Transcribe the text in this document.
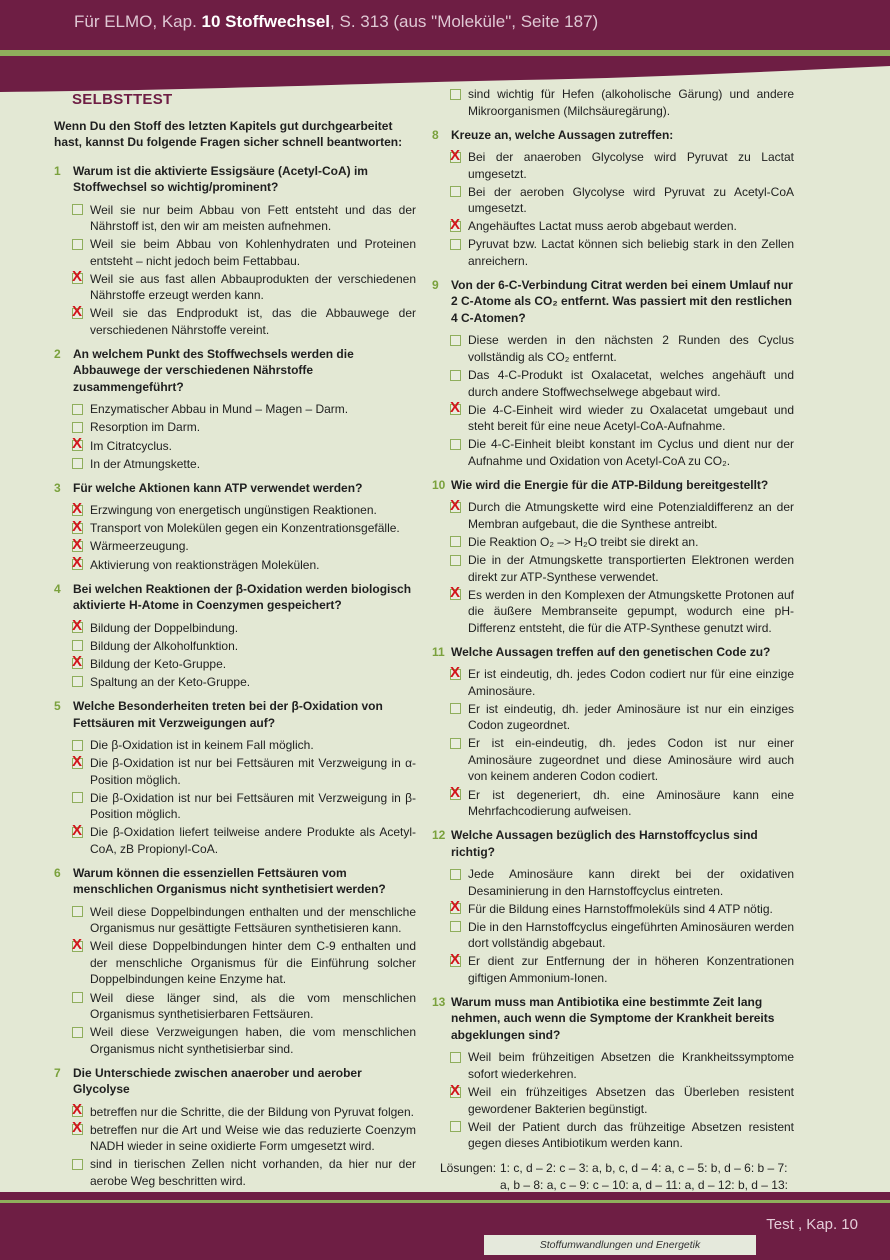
Für ELMO, Kap. 10 Stoffwechsel, S. 313 (aus "Moleküle", Seite 187)
SELBSTTEST
Wenn Du den Stoff des letzten Kapitels gut durchgearbeitet hast, kannst Du folgende Fragen sicher schnell beantworten:
1	Warum ist die aktivierte Essigsäure (Acetyl-CoA) im Stoffwechsel so wichtig/prominent?
Weil sie nur beim Abbau von Fett entsteht und das der Nährstoff ist, den wir am meisten aufnehmen.
Weil sie beim Abbau von Kohlenhydraten und Proteinen entsteht – nicht jedoch beim Fettabbau.
X
Weil sie aus fast allen Abbauprodukten der verschiedenen Nährstoffe erzeugt werden kann.
X
Weil sie das Endprodukt ist, das die Abbauwege der verschiedenen Nährstoffe vereint.
2	An welchem Punkt des Stoffwechsels werden die Abbauwege der verschiedenen Nährstoffe zusammengeführt?
Enzymatischer Abbau in Mund – Magen – Darm.
Resorption im Darm.
X
Im Citratcyclus.
In der Atmungskette.
3	Für welche Aktionen kann ATP verwendet werden?
X
Erzwingung von energetisch ungünstigen Reaktionen.
X
Transport von Molekülen gegen ein Konzentrationsgefälle.
X
Wärmeerzeugung.
X
Aktivierung von reaktionsträgen Molekülen.
4	Bei welchen Reaktionen der β-Oxidation werden biologisch aktivierte H-Atome in Coenzymen gespeichert?
X
Bildung der Doppelbindung.
Bildung der Alkoholfunktion.
X
Bildung der Keto-Gruppe.
Spaltung an der Keto-Gruppe.
5	Welche Besonderheiten treten bei der β-Oxidation von Fettsäuren mit Verzweigungen auf?
Die β-Oxidation ist in keinem Fall möglich.
X
Die β-Oxidation ist nur bei Fettsäuren mit Verzweigung in α-Position möglich.
Die β-Oxidation ist nur bei Fettsäuren mit Verzweigung in β-Position möglich.
X
Die β-Oxidation liefert teilweise andere Produkte als Acetyl-CoA, zB Propionyl-CoA.
6	Warum können die essenziellen Fettsäuren vom menschlichen Organismus nicht synthetisiert werden?
Weil diese Doppelbindungen enthalten und der menschliche Organismus nur gesättigte Fettsäuren synthetisieren kann.
X
Weil diese Doppelbindungen hinter dem C-9 enthalten und der menschliche Organismus für die Einführung solcher Doppelbindungen keine Enzyme hat.
Weil diese länger sind, als die vom menschlichen Organismus synthetisierbaren Fettsäuren.
Weil diese Verzweigungen haben, die vom menschlichen Organismus nicht synthetisierbar sind.
7	Die Unterschiede zwischen anaerober und aerober Glycolyse
X
betreffen nur die Schritte, die der Bildung von Pyruvat folgen.
X
betreffen nur die Art und Weise wie das reduzierte Coenzym NADH wieder in seine oxidierte Form umgesetzt wird.
sind in tierischen Zellen nicht vorhanden, da hier nur der aerobe Weg beschritten wird.
sind wichtig für Hefen (alkoholische Gärung) und andere Mikroorganismen (Milchsäuregärung).
8	Kreuze an, welche Aussagen zutreffen:
X
Bei der anaeroben Glycolyse wird Pyruvat zu Lactat umgesetzt.
Bei der aeroben Glycolyse wird Pyruvat zu Acetyl-CoA umgesetzt.
X
Angehäuftes Lactat muss aerob abgebaut werden.
Pyruvat bzw. Lactat können sich beliebig stark in den Zellen anreichern.
9	Von der 6-C-Verbindung Citrat werden bei einem Umlauf nur 2 C-Atome als CO₂ entfernt. Was passiert mit den restlichen 4 C-Atomen?
Diese werden in den nächsten 2 Runden des Cyclus vollständig als CO₂ entfernt.
Das 4-C-Produkt ist Oxalacetat, welches angehäuft und durch andere Stoffwechselwege abgebaut wird.
X
Die 4-C-Einheit wird wieder zu Oxalacetat umgebaut und steht bereit für eine neue Acetyl-CoA-Aufnahme.
Die 4-C-Einheit bleibt konstant im Cyclus und dient nur der Aufnahme und Oxidation von Acetyl-CoA zu CO₂.
10 Wie wird die Energie für die ATP-Bildung bereitgestellt?
X
Durch die Atmungskette wird eine Potenzialdifferenz an der Membran aufgebaut, die die Synthese antreibt.
Die Reaktion O₂ –> H₂O treibt sie direkt an.
Die in der Atmungskette transportierten Elektronen werden direkt zur ATP-Synthese verwendet.
X
Es werden in den Komplexen der Atmungskette Protonen auf die äußere Membranseite gepumpt, wodurch eine pH-Differenz entsteht, die für die ATP-Synthese genutzt wird.
11 Welche Aussagen treffen auf den genetischen Code zu?
X
Er ist eindeutig, dh. jedes Codon codiert nur für eine einzige Aminosäure.
Er ist eindeutig, dh. jeder Aminosäure ist nur ein einziges Codon zugeordnet.
Er ist ein-eindeutig, dh. jedes Codon ist nur einer Aminosäure zugeordnet und diese Aminosäure wird auch von keinem anderen Codon codiert.
X
Er ist degeneriert, dh. eine Aminosäure kann eine Mehrfachcodierung aufweisen.
12 Welche Aussagen bezüglich des Harnstoffcyclus sind richtig?
Jede Aminosäure kann direkt bei der oxidativen Desaminierung in den Harnstoffcyclus eintreten.
X
Für die Bildung eines Harnstoffmoleküls sind 4 ATP nötig.
Die in den Harnstoffcyclus eingeführten Aminosäuren werden dort vollständig abgebaut.
X
Er dient zur Entfernung der in höheren Konzentrationen giftigen Ammonium-Ionen.
13 Warum muss man Antibiotika eine bestimmte Zeit lang nehmen, auch wenn die Symptome der Krankheit bereits abgeklungen sind?
Weil beim frühzeitigen Absetzen die Krankheitssymptome sofort wiederkehren.
X
Weil ein frühzeitiges Absetzen das Überleben resistent gewordener Bakterien begünstigt.
Weil der Patient durch das frühzeitige Absetzen resistent gegen dieses Antibiotikum werden kann.
Lösungen: 1: c, d – 2: c – 3: a, b, c, d – 4: a, c – 5: b, d – 6: b – 7: a, b – 8: a, c – 9: c – 10: a, d – 11: a, d – 12: b, d – 13:
Test , Kap. 10
Stoffumwandlungen und Energetik
